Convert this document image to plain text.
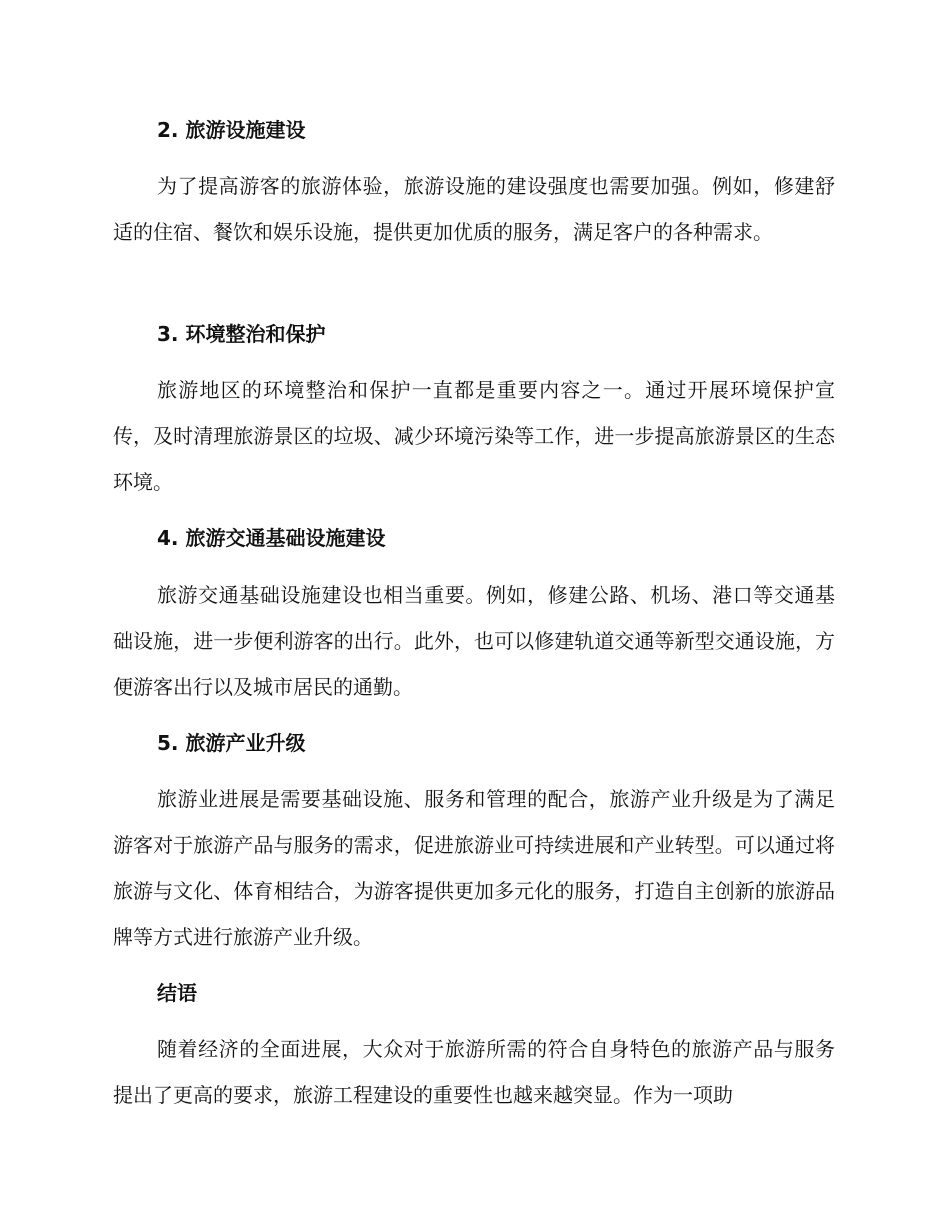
2. 旅游设施建设

为了提高游客的旅游体验，旅游设施的建设强度也需要加强。例如，修建舒适的住宿、餐饮和娱乐设施，提供更加优质的服务，满足客户的各种需求。

3. 环境整治和保护

旅游地区的环境整治和保护一直都是重要内容之一。通过开展环境保护宣传，及时清理旅游景区的垃圾、减少环境污染等工作，进一步提高旅游景区的生态环境。

4. 旅游交通基础设施建设

旅游交通基础设施建设也相当重要。例如，修建公路、机场、港口等交通基础设施，进一步便利游客的出行。此外，也可以修建轨道交通等新型交通设施，方便游客出行以及城市居民的通勤。

5. 旅游产业升级

旅游业进展是需要基础设施、服务和管理的配合，旅游产业升级是为了满足游客对于旅游产品与服务的需求，促进旅游业可持续进展和产业转型。可以通过将旅游与文化、体育相结合，为游客提供更加多元化的服务，打造自主创新的旅游品牌等方式进行旅游产业升级。

结语

随着经济的全面进展，大众对于旅游所需的符合自身特色的旅游产品与服务提出了更高的要求，旅游工程建设的重要性也越来越突显。作为一项助
